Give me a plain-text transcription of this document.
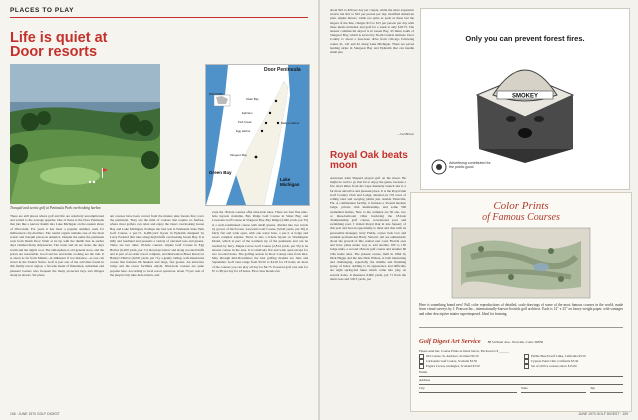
PLACES TO PLAY
Life is quiet at Door resorts
Door Peninsula
Sister Bay
Ephraim
Fish Creek
Egg Harbor
Baileys Harbor
Sturgeon Bay
Green Bay
Lake Michigan
WISCONSIN
Tranquil and scenic golf at Peninsula Park overlooking harbor.
There are still places where golf and life are relatively uncomplicated and scaled to the average appetite. One of these is the Door Peninsula that juts like a narrow thumb into Lake Michigan on the eastern shore of Wisconsin. For years it has been a popular summer oasis for midwestern city-dwellers. The tourist region remains one of the most scenic and tranquil places in America. Despite the name the peninsula took from Death Door Strait at its tip with the thumb that in earlier days claimed many shipwrecks. The water and air are clean, the days warm and the nights cool. The atmosphere is old general store, and the prices are reasonable. Good service and home cooking are the rule. It is about as far from Miami—in ambience if not distance—as one can travel in the United States. Golf is just one of the activities found in this family resort region, a favorite haunt of fishermen, sailormen and pleasant boaters who frequent the many protected bays and villages along its shores. Six pleas-
ant courses have been carved from the mature pine forests that cover the peninsula. They are the kind of courses that require no fanfare, where most golfers can relax and enjoy the views overlooking Green Bay and Lake Michigan. Perhaps the best test is Peninsula State Park Golf Course, a par-71, 6,400-yard layout in Ephraim designed by Larry Packard that runs along high bluffs overlooking Green Bay. It is hilly and treelined and presents a variety of elevated tees and greens. There are two other 18-hole courses. Alpine Golf Course in Egg Harbor (6,200 yards, par 71) that plays below and along wooded bluffs and is part of an older resort complex, and Maxwelton Braes Resort in Bailey's Harbor (6,045 yards, par 71), a gently rolling, well-manicured course that features 66 bunkers and large, fast greens. An attractive lodge and the resort facilities adjoin. Nine-hole courses are quite popular here. According to local resort operators, about 75 per cent of the players buy nine-hole tickets, and
even the 18-hole courses offer nine-hole rates. There are four fine nine-hole layouts available. Bay Ridge Golf Course in Sister Bay, and Lawsonia Golf Course in Sturgeon Bay, Bay Ridge (2,640 yards, par 35) is a well-conditioned course with small greens, divided into two levels by groves of birch trees. Lawsonia Golf Course (3,042 yards, par 36) is fairly flat and wide open, with one water hole, a par-3. A lodge and resort complex adjoins. There is also a 9-hole layout on Washington Island, which is part of the northern tip of the peninsula and can be reached by ferry. Maple Grove Golf Course (2,814 yards, par 35) is its newest course in the area. It is relatively flat and wide open except for two wooded holes. The golfing season in Door County runs from mid-May through mid-November; the best golfing months are June and September. Golf rates range from $3.50 to $4.50 for 18 holes. At most of the courses you can play all day for $4.75. Powered golf cars rent for $7 to $8 per day for 18 holes. First class motels run
106 · JUNE 1970 GOLF DIGEST
about $16 to $20 per day per couple, while the more expensive resorts run $21 to $25 per person per day, modified American plan. Alpine Resort, while not quite as posh as these but the largest of the line, charges $13 to $15 per person per day with three meals included, and golf for a week is only $18.75. The nearest commercial airport is in Green Bay, 45 miles south of Sturgeon Bay, which is served by North Central Airlines. Door County is about a four-hour drive from Chicago following routes 41, 141 and 42 along Lake Michigan. There are paved landing strips in Sturgeon Bay and Ephraim that can handle small jets.
—Cal Brown
Royal Oak beats moon
Astronaut Alan Shepard played golf on the moon. He might do well to go that far to enjoy the game, because a few short miles from his Cape Kennedy launch site is a far more attractive and pleasant place. It is the Royal Oak Golf Country Club and Lodge, situated on 170 acres of rolling land and swaying palms just outside Titusville, Fla. A combination facility, it features a 45-unit modern lodge, private club membership, and some 500 residential homes. New to the complex are 36 one, two or three-bedroom villas bordering the 18-hole championship golf course, recreational pool and swimming pool. I visited Royal Oak in late January of this year and had an opportunity to meet and chat with its personable manager, Jerry Fields, owner Jack Cox and resident professional Harry Stewart. All are enthusiastic about the growth of this central east coast Florida area and have plans under way to add another 100 to 150 lodge units, a second 18-hole golf course and another 60 villa home sites. The present course, built in 1964 by Dick Hagge and the late Dick Wilson, is both interesting and challenging, especially the middle and finishing group of holes. Adding to its appearance and difficulty are eight spring-fed lakes which come into play on several holes. It measures 6,600 yards, par 71 from the men's tees and 5,813 yards, par
Only you can prevent forest fires.
SMOKEY
Advertising contributed for the public good.
Color Prints
of Famous Courses
Here is something brand new! Full color reproductions of detailed, scale drawings of some of the most famous courses in the world, made from visual surveys by J. Pearson Inc., internationally-known Scottish golf architect. Each is 12" x 23" on heavy-weight paper, with vantages and other descriptive matter superimposed. Ideal for framing.
Golf Digest Art Service 88 Scribner Ave., Norwalk, Conn. 06856
Please send me: Course Prints as listed below, Enclosed is $ ______
Old Course, St. Andrews, Scotland $3.50	Pebble Beach Golf Links, California $3.50
Carnoustie Golf Course, Scotland $3.50	Cypress Point Club, California $3.50
Eagle's Crown, Glenngles, Scotland $3.50	Set of all five courses above $15.00
Name
Address
City	State	Zip
JUNE 1970 GOLF DIGEST · 109
